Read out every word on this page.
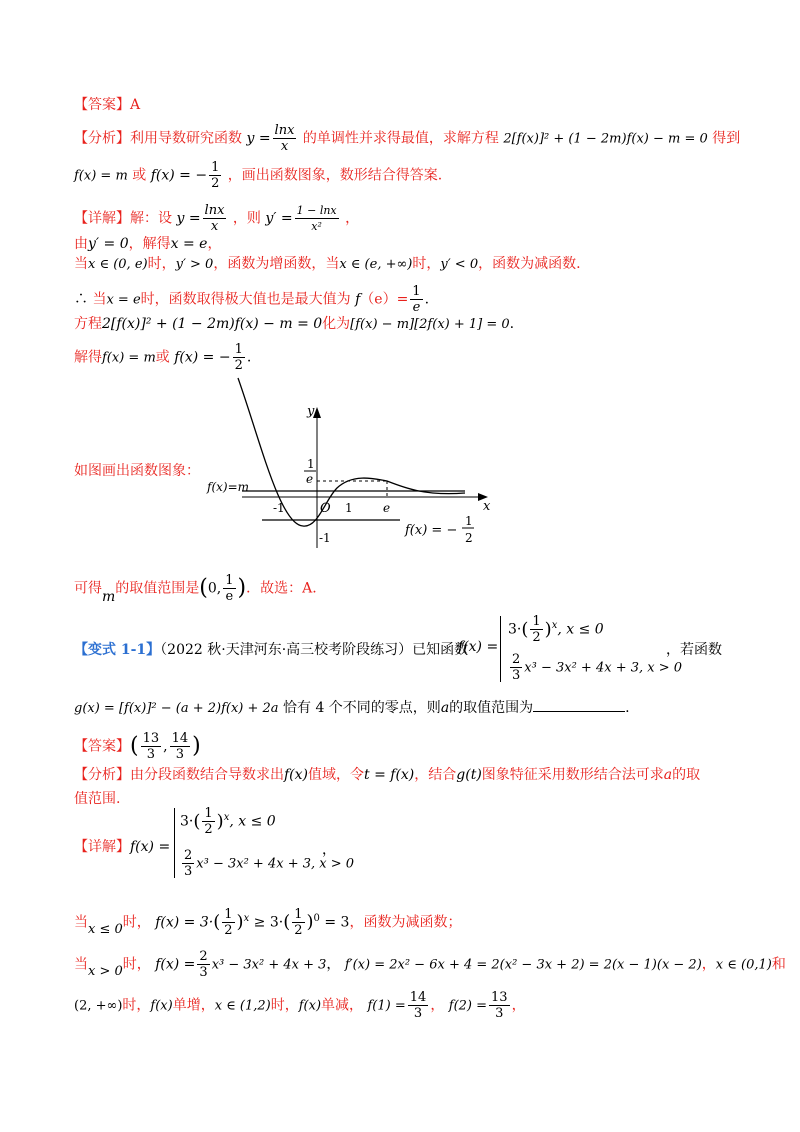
【答案】A
【分析】利用导数研究函数 $y = \frac{\ln x}{x}$ 的单调性并求得最值，求解方程 2[f(x)]² + (1 − 2m)f(x) − m = 0 得到
f(x) = m 或 f(x) = − $\frac{1}{2}$ ，画出函数图象，数形结合得答案.
【详解】解：设 $y = \frac{\ln x}{x}$ ，则 $y' = \frac{1 - \ln x}{\text{x²}}$ ，
由y′ = 0，解得x = e，
当x ∈ (0, e)时，y′ > 0，函数为增函数，当x ∈ (e, +∞)时，y′ < 0，函数为减函数.
∴ 当x = e时，函数取得极大值也是最大值为 $f(e)= \frac{1}{e}$ .
方程2[f(x)]² + (1 − 2m)f(x) − m = 0化为[f(x) − m][2f(x) + 1] = 0.
解得f(x) = m或 f(x) = − $\frac{1}{2}$ .
如图画出函数图象：
y
x
f(x)=m
1
e
-1	O 1	e
-1	f(x) = −
1
2
可得m的取值范围是(0, $\frac{1}{e}$ )．故选：A.
【变式 1-1】（2022 秋·天津河东·高三校考阶段练习）已知函数
f(x) =
$3\cdot( \frac{1}{2} )^x$, x ≤ 0
$\frac{2}{3} x^3 - 3x^2 + 4x + 3$, x > 0
，若函数
g(x) = [f(x)]² − (a + 2)f(x) + 2a 恰有 4 个不同的零点，则a的取值范围为	.
【答案】( $\frac{13}{3}$ , $\frac{14}{3}$ )
【分析】由分段函数结合导数求出f(x)值域，令t = f(x)，结合g(t)图象特征采用数形结合法可求a的取
值范围.
【详解】f(x) =
$3\cdot( \frac{1}{2} )^x$, x ≤ 0
$\frac{2}{3} x^3 - 3x^2 + 4x + 3$, x > 0
，
当x ≤ 0时， $f(x) = 3\cdot( \frac{1}{2} )^x \ge 3\cdot( \frac{1}{2} )^0 = 3$，函数为减函数；
当x > 0时， $f(x) = \frac{2}{3} x^3 - 3x^2 + 4x + 3$， f′(x) = 2x² − 6x + 4 = 2(x² − 3x + 2) = 2(x − 1)(x − 2)，x ∈ (0,1)和
(2, +∞)时，f(x)单增，x ∈ (1,2)时，f(x)单减， $f(1) = \frac{14}{3}$ ， $f(2) = \frac{13}{3}$ ，
